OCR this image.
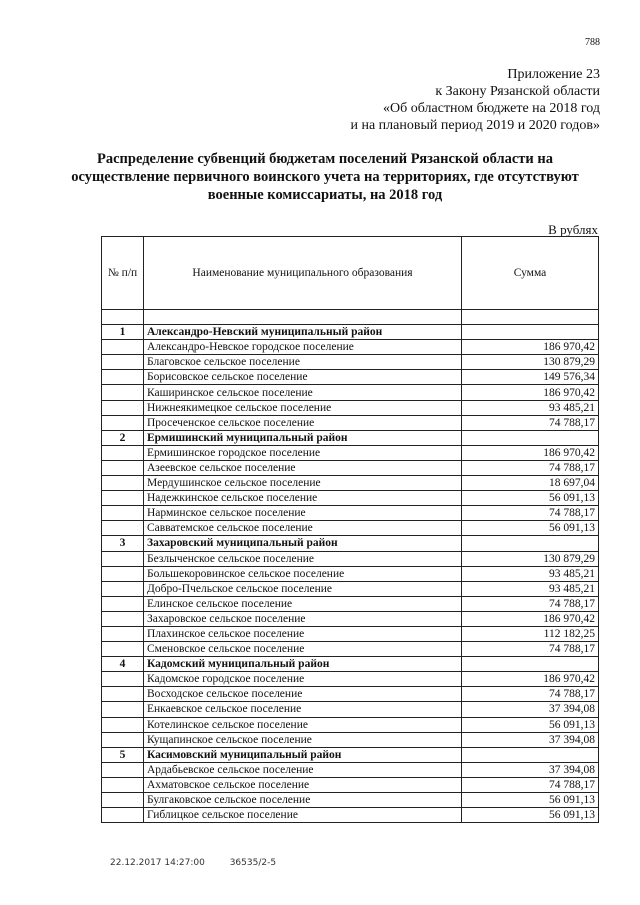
788
Приложение 23
к Закону Рязанской области
«Об областном бюджете на 2018 год
и на плановый период 2019 и 2020 годов»
Распределение субвенций бюджетам поселений Рязанской области на
осуществление первичного воинского учета на территориях, где отсутствуют
военные комиссариаты, на 2018 год
В рублях
№ п/п	Наименование муниципального образования	Сумма

1	Александро-Невский муниципальный район	
	Александро-Невское городское поселение	186 970,42
	Благовское сельское поселение	130 879,29
	Борисовское сельское поселение	149 576,34
	Каширинское сельское поселение	186 970,42
	Нижнеякимецкое сельское поселение	93 485,21
	Просеченское сельское поселение	74 788,17
2	Ермишинский муниципальный район	
	Ермишинское городское поселение	186 970,42
	Азеевское сельское поселение	74 788,17
	Мердушинское сельское поселение	18 697,04
	Надежкинское сельское поселение	56 091,13
	Нарминское сельское поселение	74 788,17
	Савватемское сельское поселение	56 091,13
3	Захаровский муниципальный район	
	Безлыченское сельское поселение	130 879,29
	Большекоровинское сельское поселение	93 485,21
	Добро-Пчельское сельское поселение	93 485,21
	Елинское сельское поселение	74 788,17
	Захаровское сельское поселение	186 970,42
	Плахинское сельское поселение	112 182,25
	Сменовское сельское поселение	74 788,17
4	Кадомский муниципальный район	
	Кадомское городское поселение	186 970,42
	Восходское сельское поселение	74 788,17
	Енкаевское сельское поселение	37 394,08
	Котелинское сельское поселение	56 091,13
	Кущапинское сельское поселение	37 394,08
5	Касимовский муниципальный район	
	Ардабьевское сельское поселение	37 394,08
	Ахматовское сельское поселение	74 788,17
	Булгаковское сельское поселение	56 091,13
	Гиблицкое сельское поселение	56 091,13
22.12.2017 14:27:00	36535/2-5
